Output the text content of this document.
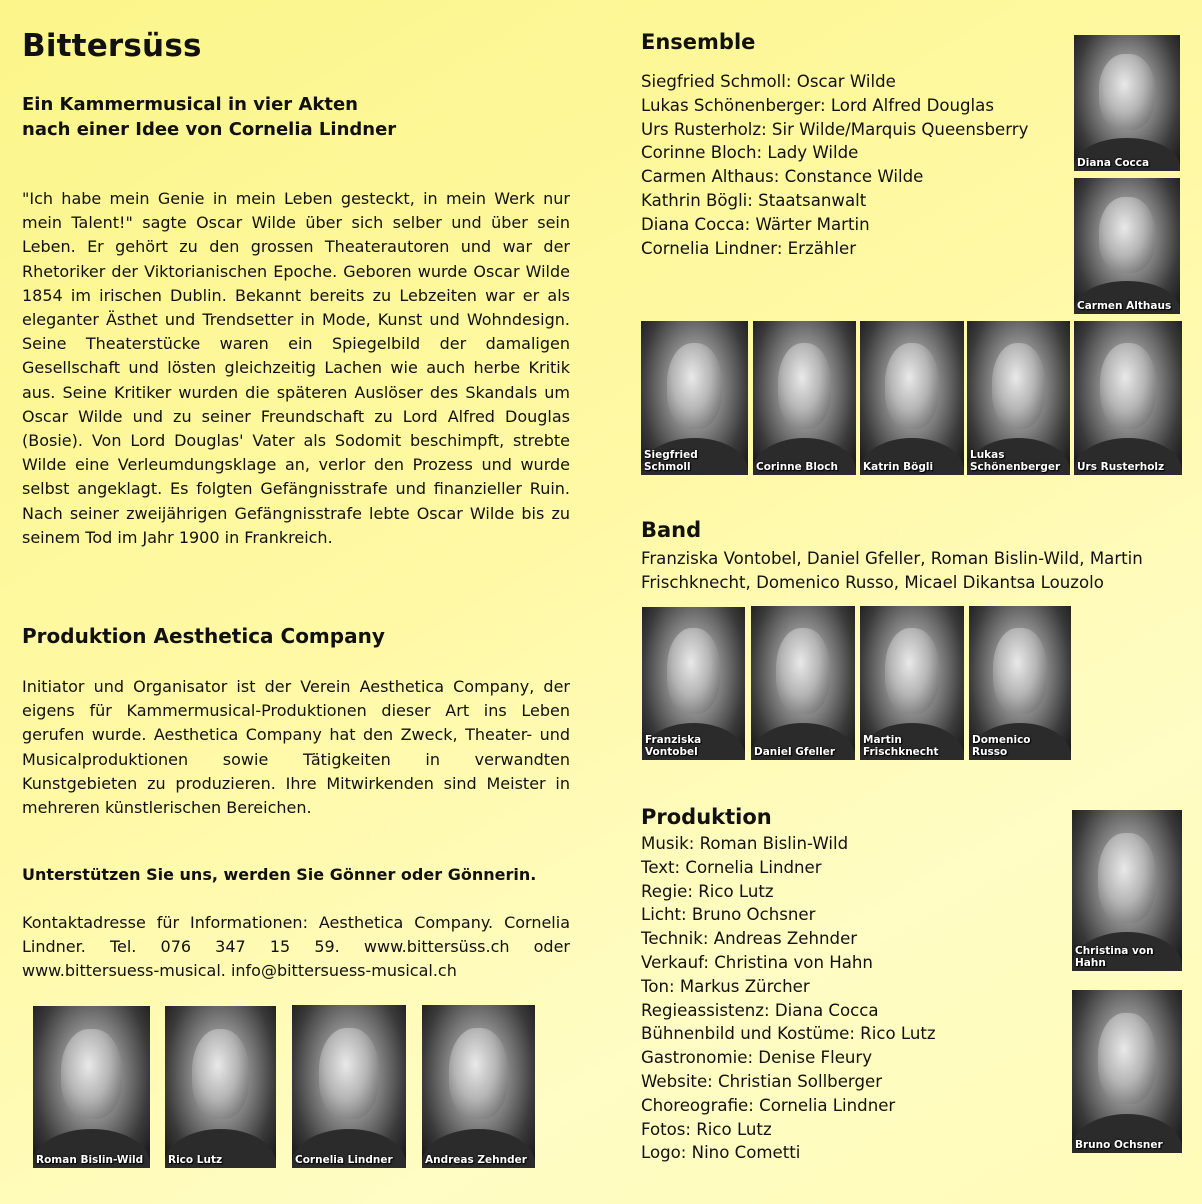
Bittersüss
Ein Kammermusical in vier Akten
nach einer Idee von Cornelia Lindner

"Ich habe mein Genie in mein Leben gesteckt, in mein Werk nur mein Talent!" sagte Oscar Wilde über sich selber und über sein Leben. Er gehört zu den grossen Theaterautoren und war der Rhetoriker der Viktorianischen Epoche. Geboren wurde Oscar Wilde 1854 im irischen Dublin. Bekannt bereits zu Lebzeiten war er als eleganter Ästhet und Trendsetter in Mode, Kunst und Wohndesign. Seine Theaterstücke waren ein Spiegelbild der damaligen Gesellschaft und lösten gleichzeitig Lachen wie auch herbe Kritik aus. Seine Kritiker wurden die späteren Auslöser des Skandals um Oscar Wilde und zu seiner Freundschaft zu Lord Alfred Douglas (Bosie). Von Lord Douglas' Vater als Sodomit beschimpft, strebte Wilde eine Verleumdungsklage an, verlor den Prozess und wurde selbst angeklagt. Es folgten Gefängnisstrafe und finanzieller Ruin. Nach seiner zweijährigen Gefängnisstrafe lebte Oscar Wilde bis zu seinem Tod im Jahr 1900 in Frankreich.

Produktion Aesthetica Company

Initiator und Organisator ist der Verein Aesthetica Company, der eigens für Kammermusical-Produktionen dieser Art ins Leben gerufen wurde. Aesthetica Company hat den Zweck, Theater- und Musicalproduktionen sowie Tätigkeiten in verwandten Kunstgebieten zu produzieren. Ihre Mitwirkenden sind Meister in mehreren künstlerischen Bereichen.

Unterstützen Sie uns, werden Sie Gönner oder Gönnerin.

Kontaktadresse für Informationen: Aesthetica Company. Cornelia Lindner. Tel. 076 347 15 59. www.bittersüss.ch oder www.bittersuess-musical. info@bittersuess-musical.ch

Roman Bislin-Wild	Rico Lutz	Cornelia Lindner	Andreas Zehnder
Ensemble
Siegfried Schmoll: Oscar Wilde
Lukas Schönenberger: Lord Alfred Douglas
Urs Rusterholz: Sir Wilde/Marquis Queensberry
Corinne Bloch: Lady Wilde
Carmen Althaus: Constance Wilde
Kathrin Bögli: Staatsanwalt
Diana Cocca: Wärter Martin
Cornelia Lindner: Erzähler
Diana Cocca
Carmen Althaus
Siegfried Schmoll	Corinne Bloch	Katrin Bögli
Lukas Schönenberger	Urs Rusterholz
Band

Franziska Vontobel, Daniel Gfeller, Roman Bislin-Wild, Martin Frischknecht, Domenico Russo, Micael Dikantsa Louzolo

Franziska Vontobel	Daniel Gfeller
Martin Frischknecht
Domenico Russo
Produktion
Musik: Roman Bislin-Wild
Text: Cornelia Lindner
Regie: Rico Lutz
Licht: Bruno Ochsner
Technik: Andreas Zehnder
Verkauf: Christina von Hahn
Ton: Markus Zürcher
Regieassistenz: Diana Cocca
Bühnenbild und Kostüme: Rico Lutz
Gastronomie: Denise Fleury
Website: Christian Sollberger
Choreografie: Cornelia Lindner
Fotos: Rico Lutz
Logo: Nino Cometti
Christina von Hahn
Bruno Ochsner
